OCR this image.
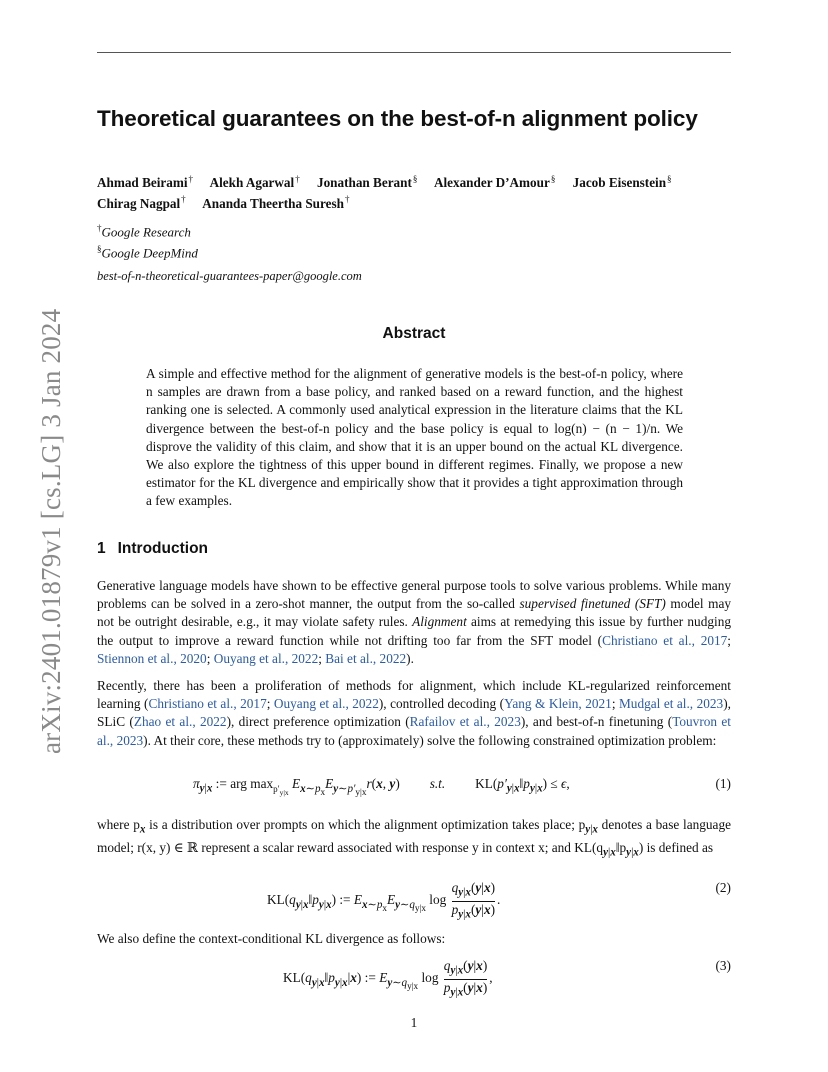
arXiv:2401.01879v1 [cs.LG] 3 Jan 2024
Theoretical guarantees on the best-of-n alignment policy
Ahmad Beirami† Alekh Agarwal† Jonathan Berant§ Alexander D’Amour§ Jacob Eisenstein§
Chirag Nagpal† Ananda Theertha Suresh†
†Google Research
§Google DeepMind
best-of-n-theoretical-guarantees-paper@google.com
Abstract
A simple and effective method for the alignment of generative models is the best-of-n policy, where n samples are drawn from a base policy, and ranked based on a reward function, and the highest ranking one is selected. A commonly used analytical expression in the literature claims that the KL divergence between the best-of-n policy and the base policy is equal to log(n) − (n − 1)/n. We disprove the validity of this claim, and show that it is an upper bound on the actual KL divergence. We also explore the tightness of this upper bound in different regimes. Finally, we propose a new estimator for the KL divergence and empirically show that it provides a tight approximation through a few examples.
1 Introduction
Generative language models have shown to be effective general purpose tools to solve various problems. While many problems can be solved in a zero-shot manner, the output from the so-called supervised finetuned (SFT) model may not be outright desirable, e.g., it may violate safety rules. Alignment aims at remedying this issue by further nudging the output to improve a reward function while not drifting too far from the SFT model (Christiano et al., 2017; Stiennon et al., 2020; Ouyang et al., 2022; Bai et al., 2022).
Recently, there has been a proliferation of methods for alignment, which include KL-regularized reinforcement learning (Christiano et al., 2017; Ouyang et al., 2022), controlled decoding (Yang & Klein, 2021; Mudgal et al., 2023), SLiC (Zhao et al., 2022), direct preference optimization (Rafailov et al., 2023), and best-of-n finetuning (Touvron et al., 2023). At their core, these methods try to (approximately) solve the following constrained optimization problem:
$\pi_{y|x}$ := arg $\max_{p'_{y|x}} E_{x\sim p_x}E_{y\sim p'_{y|x}}r(x$, y)         s.t.         $KL(p'_{y|x}‖p_{y|x}) \le \epsilon$,	(1)
where $p_x$ is a distribution over prompts on which the alignment optimization takes place; $p_{y|x}$ denotes a base language model; r(x, y) ∈ ℝ represent a scalar reward associated with response y in context x; and $KL(q_{y|x}‖p_{y|x})$ is defined as
$KL(q_{y|x}‖p_{y|x})$ := $E_{x\sim p_x}E_{y\sim q_{y|x}}$ $\log \frac{q_{y|x}(y|x)}{p_{y|x}(y|x)}$ .
(2)
We also define the context-conditional KL divergence as follows:
$KL(q_{y|x}‖p_{y|x}|x)$ := $E_{y\sim q_{y|x}}$ $\log \frac{q_{y|x}(y|x)}{p_{y|x}(y|x)}$ ,
(3)
1
